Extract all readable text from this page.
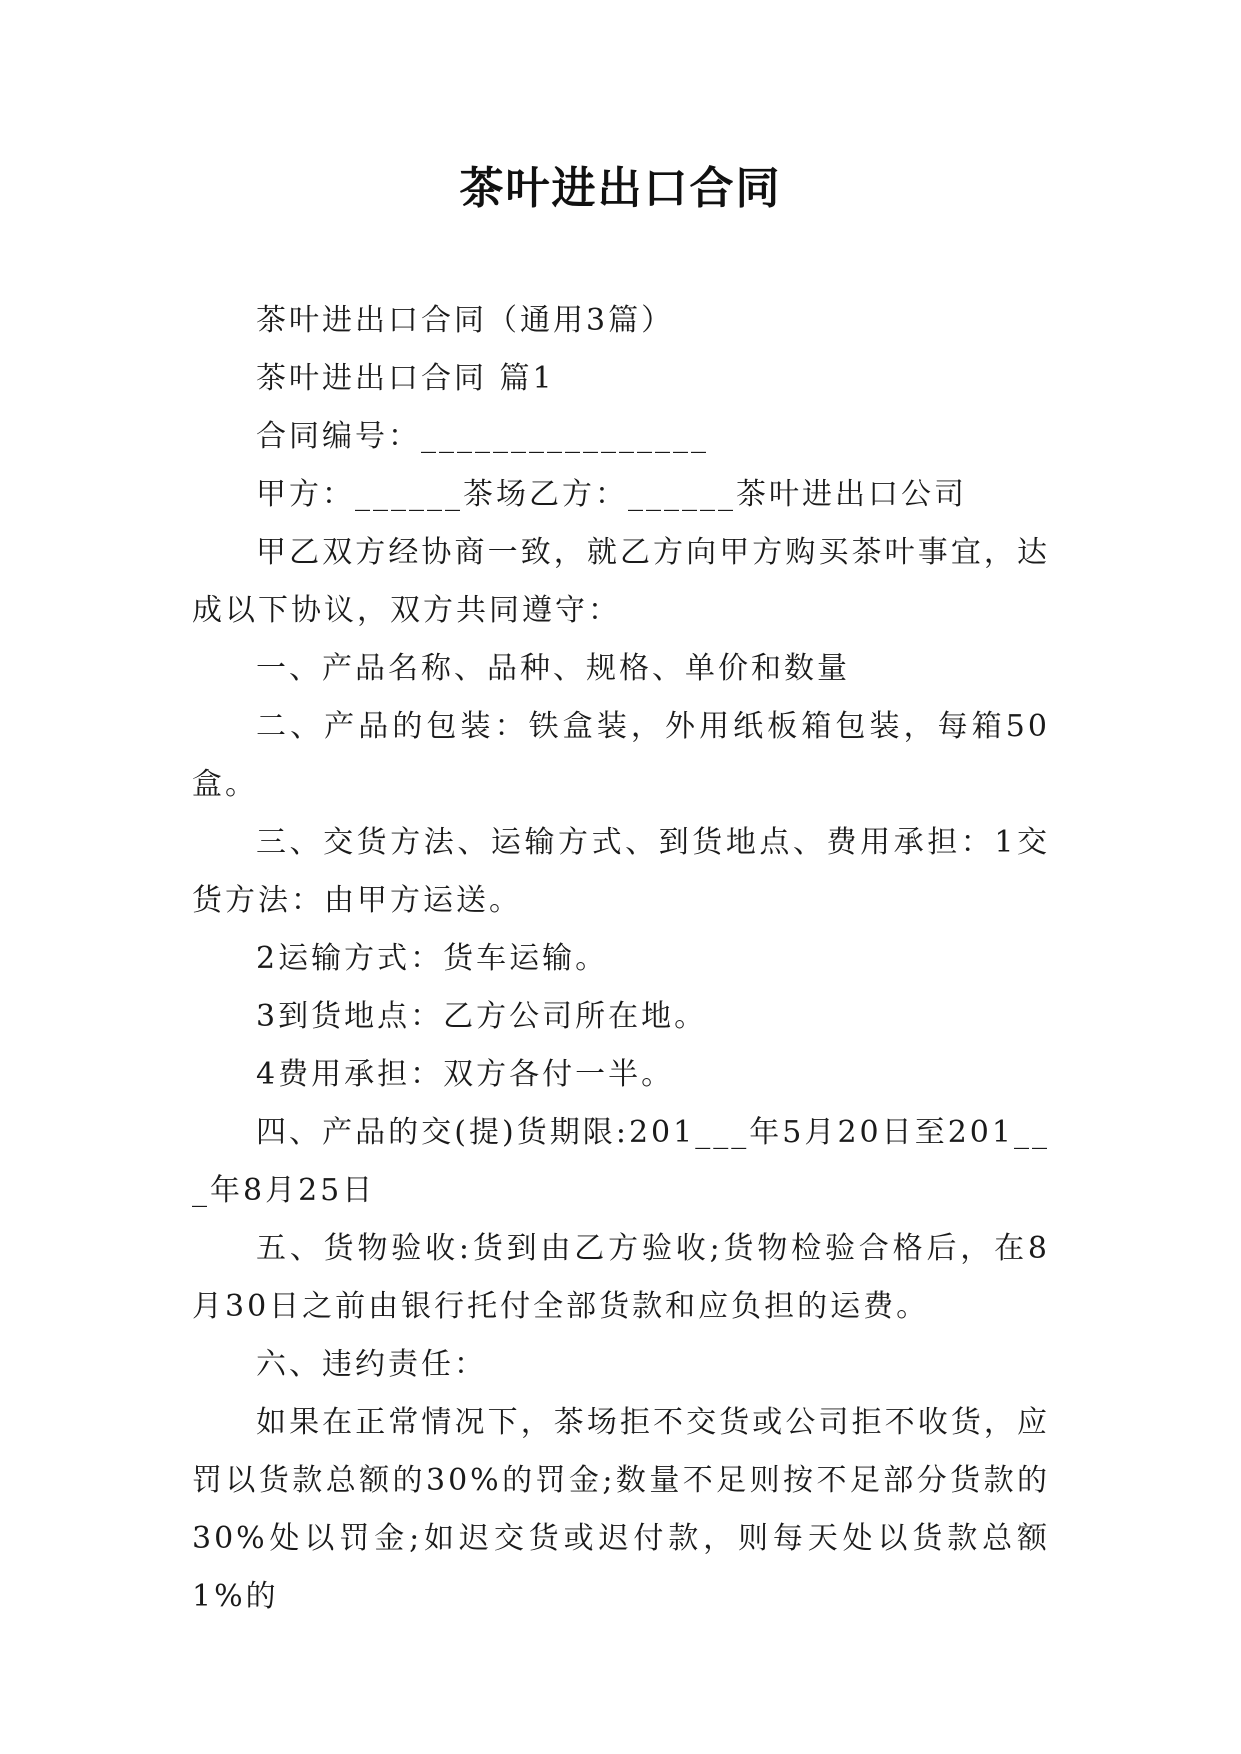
茶叶进出口合同

茶叶进出口合同（通用3篇）

茶叶进出口合同 篇1

合同编号：________________

甲方：______茶场乙方：______茶叶进出口公司

甲乙双方经协商一致，就乙方向甲方购买茶叶事宜，达成以下协议，双方共同遵守：

一、产品名称、品种、规格、单价和数量

二、产品的包装：铁盒装，外用纸板箱包装，每箱50盒。

三、交货方法、运输方式、到货地点、费用承担：1交货方法：由甲方运送。

2运输方式：货车运输。

3到货地点：乙方公司所在地。

4费用承担：双方各付一半。

四、产品的交(提)货期限:201___年5月20日至201___年8月25日

五、货物验收:货到由乙方验收;货物检验合格后，在8月30日之前由银行托付全部货款和应负担的运费。

六、违约责任：

如果在正常情况下，茶场拒不交货或公司拒不收货，应罚以货款总额的30%的罚金;数量不足则按不足部分货款的30%处以罚金;如迟交货或迟付款，则每天处以货款总额1%的
